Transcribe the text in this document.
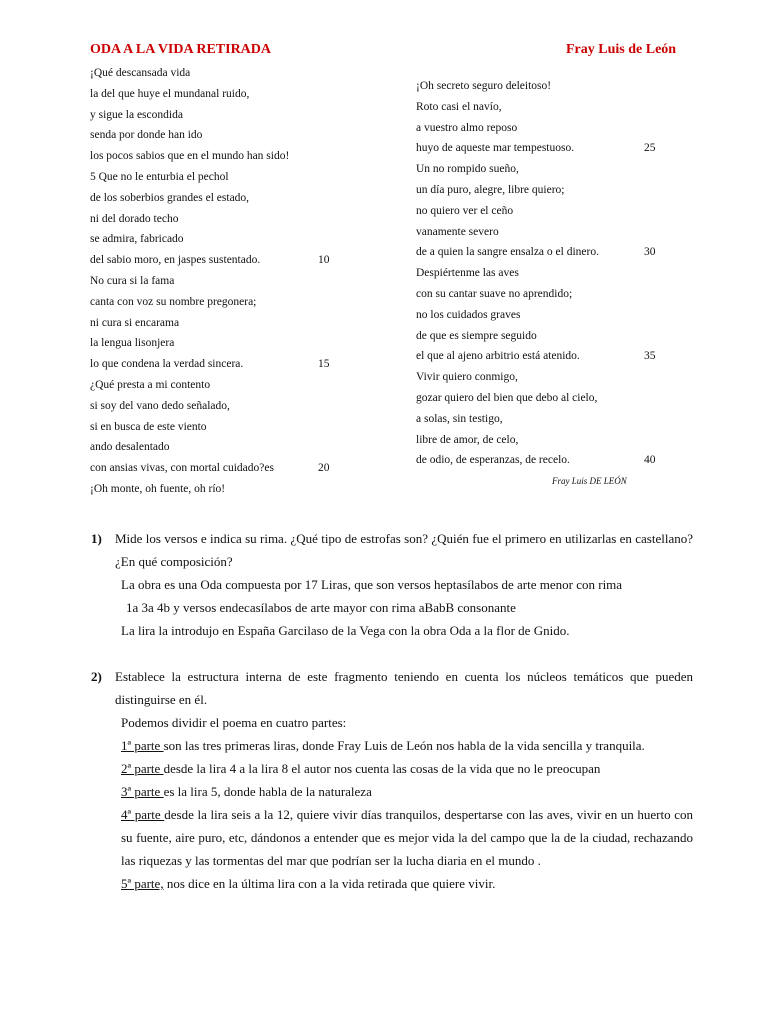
ODA A LA VIDA RETIRADA	Fray Luis de León
¡Qué descansada vida
la del que huye el mundanal ruido,
y sigue la escondida
senda por donde han ido
los pocos sabios que en el mundo han sido!
5 Que no le enturbia el pechol
de los soberbios grandes el estado,
ni del dorado techo
se admira, fabricado
del sabio moro, en jaspes sustentado.	10
No cura si la fama
canta con voz su nombre pregonera;
ni cura si encarama
la lengua lisonjera
lo que condena la verdad sincera.	15
¿Qué presta a mi contento
si soy del vano dedo señalado,
si en busca de este viento
ando desalentado
con ansias vivas, con mortal cuidado?es	20
¡Oh monte, oh fuente, oh río!
¡Oh secreto seguro deleitoso!
Roto casi el navío,
a vuestro almo reposo
huyo de aqueste mar tempestuoso.	25
Un no rompido sueño,
un día puro, alegre, libre quiero;
no quiero ver el ceño
vanamente severo
de a quien la sangre ensalza o el dinero.	30
Despiértenme las aves
con su cantar suave no aprendido;
no los cuidados graves
de que es siempre seguido
el que al ajeno arbitrio está atenido.	35
Vivir quiero conmigo,
gozar quiero del bien que debo al cielo,
a solas, sin testigo,
libre de amor, de celo,
de odio, de esperanzas, de recelo.	40
Fray Luis DE LEÓN
1) Mide los versos e indica su rima. ¿Qué tipo de estrofas son? ¿Quién fue el primero en utilizarlas en castellano? ¿En qué composición?
La obra es una Oda compuesta por 17 Liras, que son versos heptasílabos de arte menor con rima
1a 3a 4b y versos endecasílabos de arte mayor con rima aBabB consonante
La lira la introdujo en España Garcilaso de la Vega con la obra Oda a la flor de Gnido.
2) Establece la estructura interna de este fragmento teniendo en cuenta los núcleos temáticos que pueden distinguirse en él.
Podemos dividir el poema en cuatro partes:
1ª parte son las tres primeras liras, donde Fray Luis de León nos habla de la vida sencilla y tranquila.
2ª parte desde la lira 4 a la lira 8 el autor nos cuenta las cosas de la vida que no le preocupan
3ª parte es la lira 5, donde habla de la naturaleza
4ª parte desde la lira seis a la 12, quiere vivir días tranquilos, despertarse con las aves, vivir en un huerto con su fuente, aire puro, etc, dándonos a entender que es mejor vida la del campo que la de la ciudad, rechazando las riquezas y las tormentas del mar que podrían ser la lucha diaria en el mundo .
5ª parte, nos dice en la última lira con a la vida retirada que quiere vivir.
